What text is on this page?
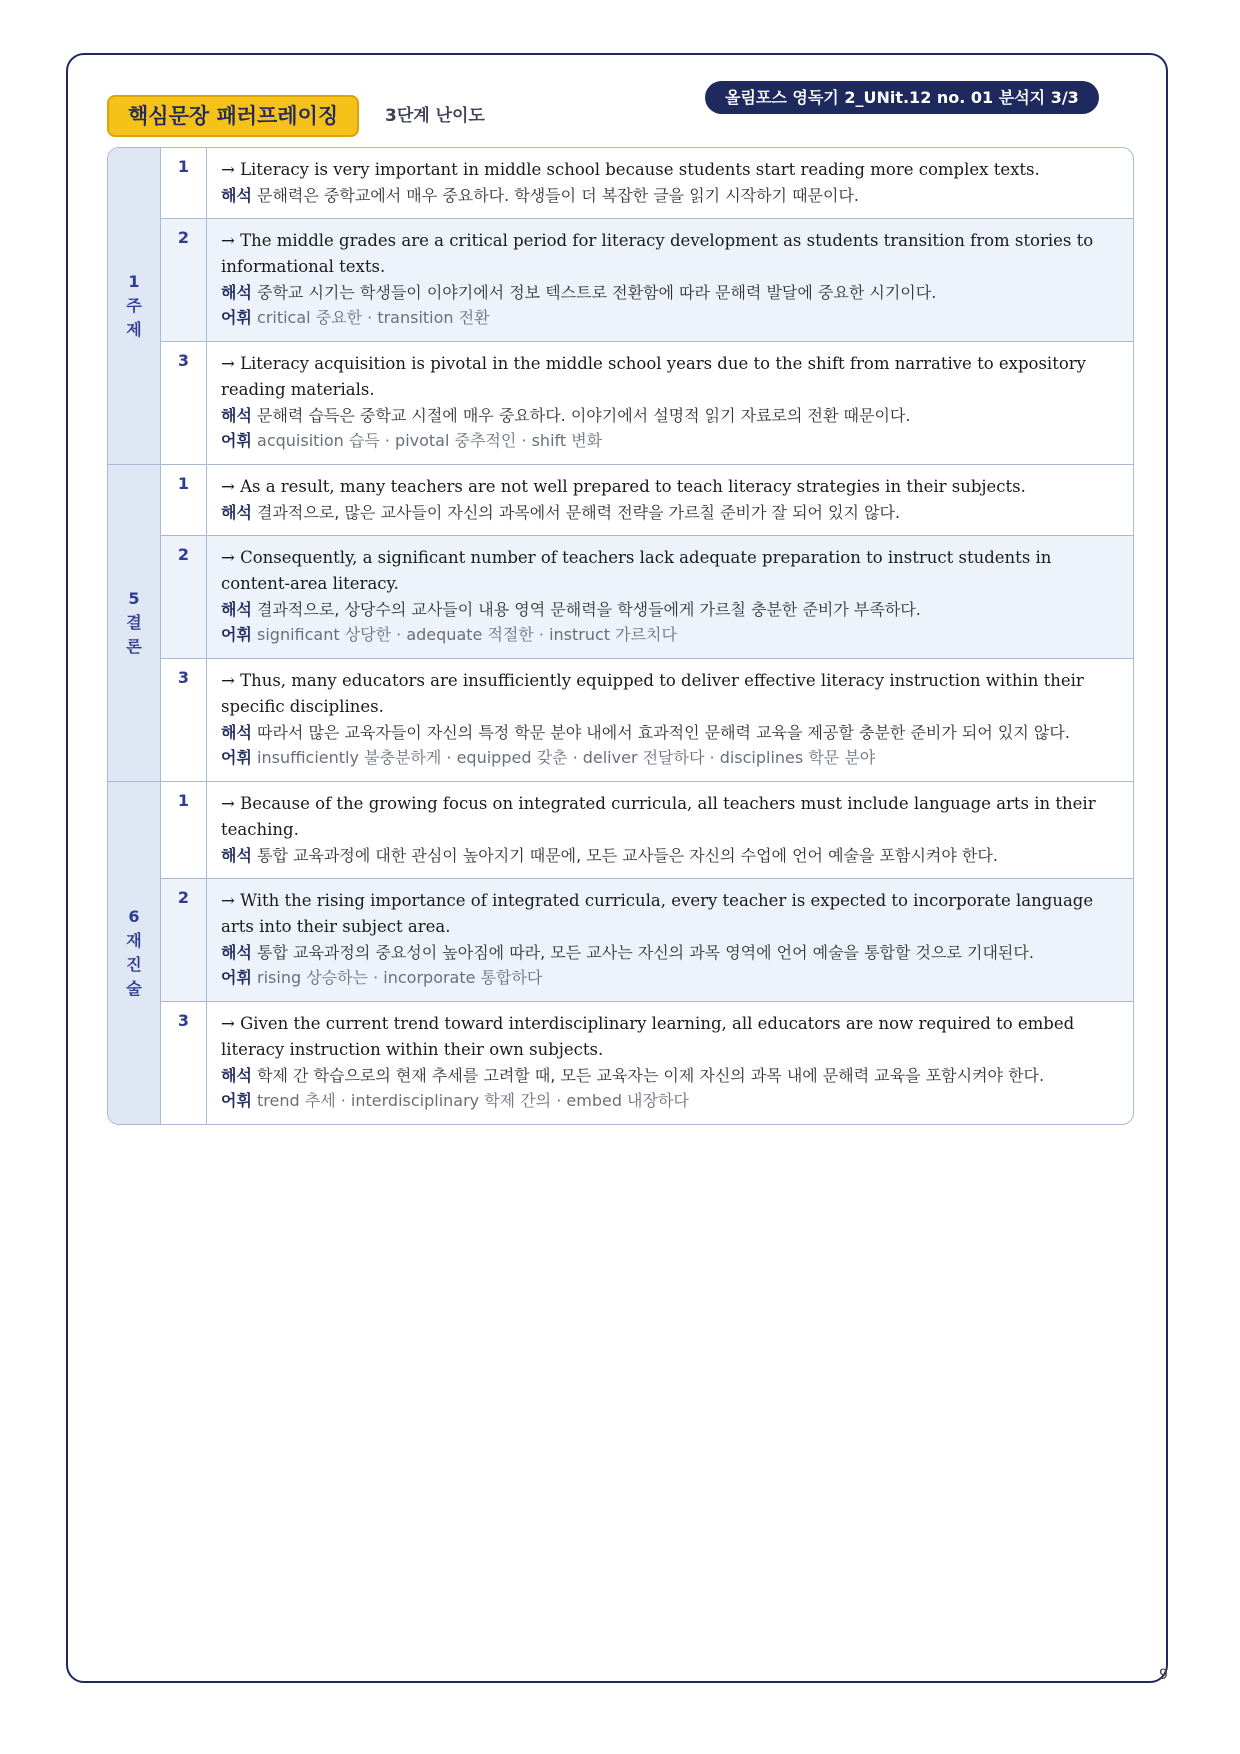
핵심문장 패러프레이징	3단계 난이도
올림포스 영독기 2_UNit.12 no. 01 분석지 3/3
1주제
1	→ Literacy is very important in middle school because students start reading more complex texts.
해석 문해력은 중학교에서 매우 중요하다. 학생들이 더 복잡한 글을 읽기 시작하기 때문이다.
2	→ The middle grades are a critical period for literacy development as students transition from stories to informational texts.
해석 중학교 시기는 학생들이 이야기에서 정보 텍스트로 전환함에 따라 문해력 발달에 중요한 시기이다.
어휘 critical 중요한 · transition 전환
3	→ Literacy acquisition is pivotal in the middle school years due to the shift from narrative to expository reading materials.
해석 문해력 습득은 중학교 시절에 매우 중요하다. 이야기에서 설명적 읽기 자료로의 전환 때문이다.
어휘 acquisition 습득 · pivotal 중추적인 · shift 변화
5결론
1	→ As a result, many teachers are not well prepared to teach literacy strategies in their subjects.
해석 결과적으로, 많은 교사들이 자신의 과목에서 문해력 전략을 가르칠 준비가 잘 되어 있지 않다.
2	→ Consequently, a significant number of teachers lack adequate preparation to instruct students in content-area literacy.
해석 결과적으로, 상당수의 교사들이 내용 영역 문해력을 학생들에게 가르칠 충분한 준비가 부족하다.
어휘 significant 상당한 · adequate 적절한 · instruct 가르치다
3	→ Thus, many educators are insufficiently equipped to deliver effective literacy instruction within their specific disciplines.
해석 따라서 많은 교육자들이 자신의 특정 학문 분야 내에서 효과적인 문해력 교육을 제공할 충분한 준비가 되어 있지 않다.
어휘 insufficiently 불충분하게 · equipped 갖춘 · deliver 전달하다 · disciplines 학문 분야
6재진술
1	→ Because of the growing focus on integrated curricula, all teachers must include language arts in their teaching.
해석 통합 교육과정에 대한 관심이 높아지기 때문에, 모든 교사들은 자신의 수업에 언어 예술을 포함시켜야 한다.
2	→ With the rising importance of integrated curricula, every teacher is expected to incorporate language arts into their subject area.
해석 통합 교육과정의 중요성이 높아짐에 따라, 모든 교사는 자신의 과목 영역에 언어 예술을 통합할 것으로 기대된다.
어휘 rising 상승하는 · incorporate 통합하다
3	→ Given the current trend toward interdisciplinary learning, all educators are now required to embed literacy instruction within their own subjects.
해석 학제 간 학습으로의 현재 추세를 고려할 때, 모든 교육자는 이제 자신의 과목 내에 문해력 교육을 포함시켜야 한다.
어휘 trend 추세 · interdisciplinary 학제 간의 · embed 내장하다
9
